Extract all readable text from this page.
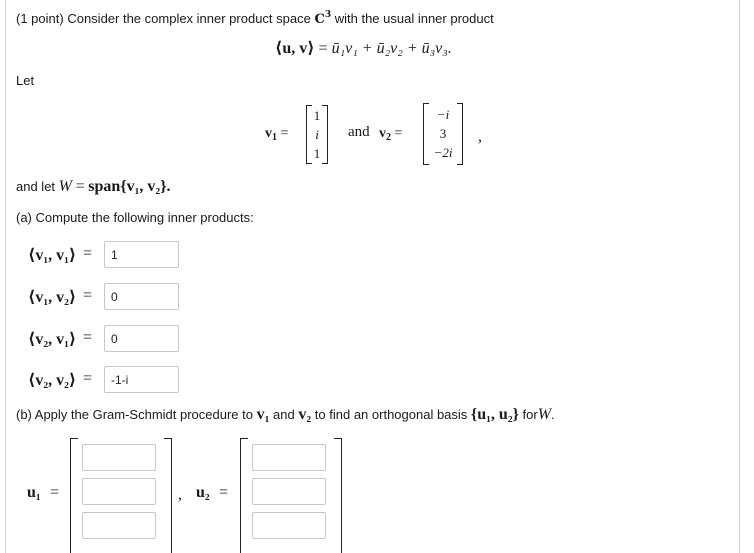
(1 point) Consider the complex inner product space $C^3$ with the usual inner product
⟨u, v⟩ = ū₁v₁ + ū₂v₂ + ū₃v₃.
Let
$v_1$ =
1
i
1
and $v_2$ =
−i
3
−2i
,
and let W = span{v₁, v₂}.
(a) Compute the following inner products:
⟨v₁, v₁⟩ =
1
⟨v₁, v₂⟩ =
0
⟨v₂, v₁⟩ =
0
⟨v₂, v₂⟩ =
-1-i
(b) Apply the Gram-Schmidt procedure to v₁ and v₂ to find an orthogonal basis {u₁, u₂} forW.
u₁ =	, u₂ =
